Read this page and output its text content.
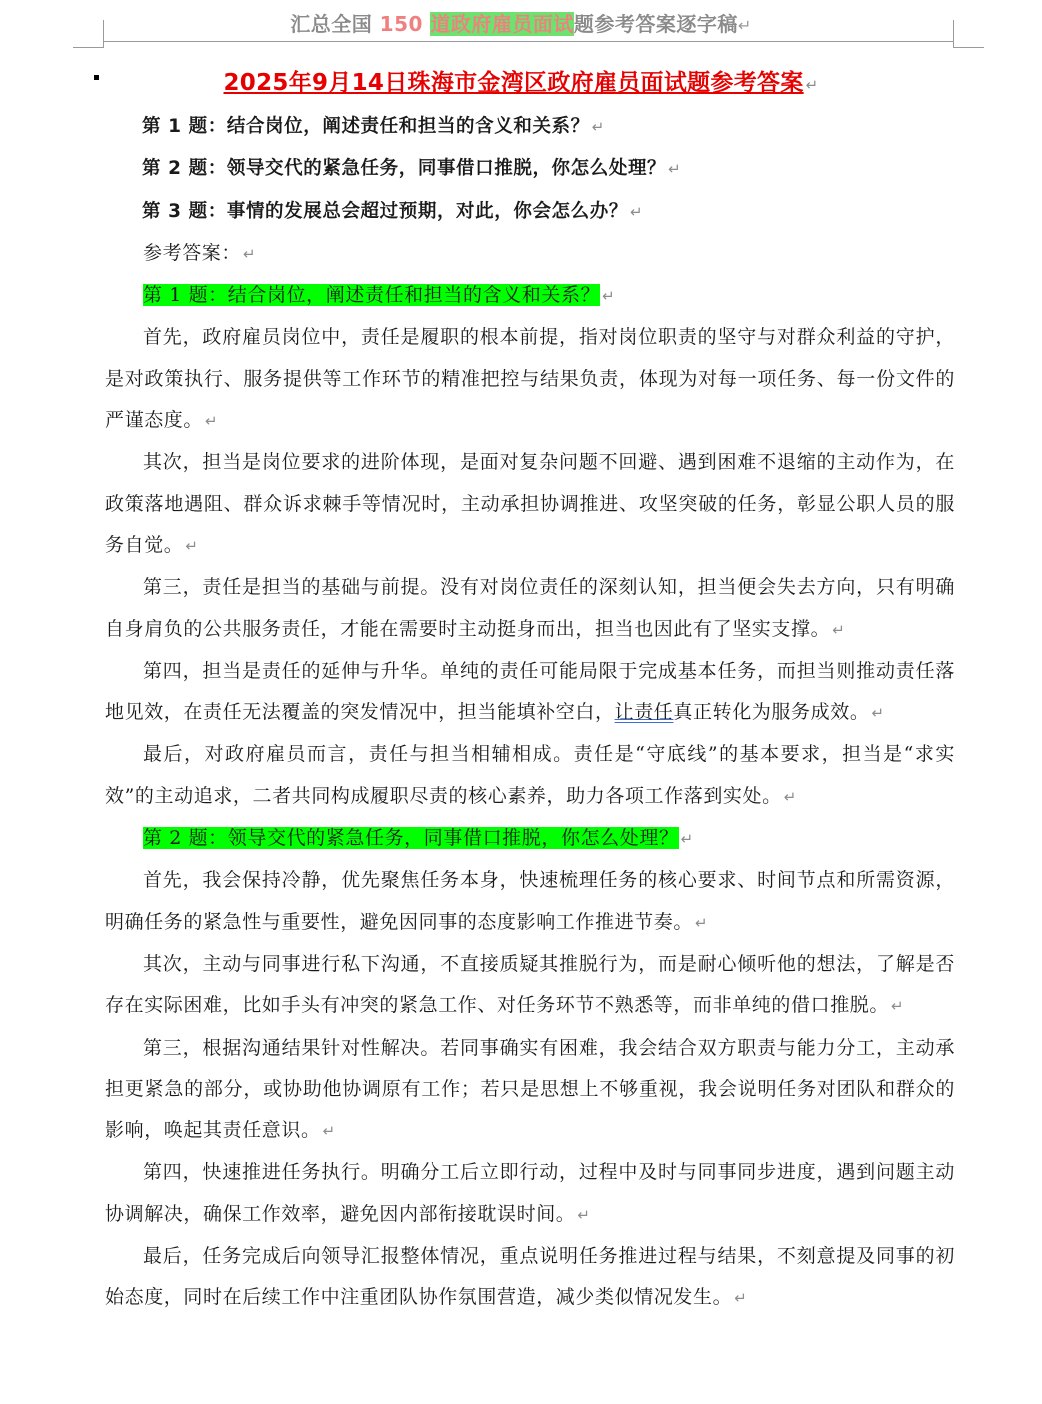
汇总全国 150 道政府雇员面试题参考答案逐字稿↵
2025年9月14日珠海市金湾区政府雇员面试题参考答案 ↵

第 1 题：结合岗位，阐述责任和担当的含义和关系？ ↵

第 2 题：领导交代的紧急任务，同事借口推脱，你怎么处理？ ↵

第 3 题：事情的发展总会超过预期，对此，你会怎么办？ ↵

参考答案： ↵

第 1 题：结合岗位，阐述责任和担当的含义和关系？ ↵

首先，政府雇员岗位中，责任是履职的根本前提，指对岗位职责的坚守与对群众利益的守护，是对政策执行、服务提供等工作环节的精准把控与结果负责，体现为对每一项任务、每一份文件的严谨态度。 ↵

其次，担当是岗位要求的进阶体现，是面对复杂问题不回避、遇到困难不退缩的主动作为，在政策落地遇阻、群众诉求棘手等情况时，主动承担协调推进、攻坚突破的任务，彰显公职人员的服务自觉。 ↵

第三，责任是担当的基础与前提。没有对岗位责任的深刻认知，担当便会失去方向，只有明确自身肩负的公共服务责任，才能在需要时主动挺身而出，担当也因此有了坚实支撑。 ↵

第四，担当是责任的延伸与升华。单纯的责任可能局限于完成基本任务，而担当则推动责任落地见效，在责任无法覆盖的突发情况中，担当能填补空白，让责任真正转化为服务成效。 ↵

最后，对政府雇员而言，责任与担当相辅相成。责任是“守底线”的基本要求，担当是“求实效”的主动追求，二者共同构成履职尽责的核心素养，助力各项工作落到实处。 ↵

第 2 题：领导交代的紧急任务，同事借口推脱，你怎么处理？ ↵

首先，我会保持冷静，优先聚焦任务本身，快速梳理任务的核心要求、时间节点和所需资源，明确任务的紧急性与重要性，避免因同事的态度影响工作推进节奏。 ↵

其次，主动与同事进行私下沟通，不直接质疑其推脱行为，而是耐心倾听他的想法，了解是否存在实际困难，比如手头有冲突的紧急工作、对任务环节不熟悉等，而非单纯的借口推脱。 ↵

第三，根据沟通结果针对性解决。若同事确实有困难，我会结合双方职责与能力分工，主动承担更紧急的部分，或协助他协调原有工作；若只是思想上不够重视，我会说明任务对团队和群众的影响，唤起其责任意识。 ↵

第四，快速推进任务执行。明确分工后立即行动，过程中及时与同事同步进度，遇到问题主动协调解决，确保工作效率，避免因内部衔接耽误时间。 ↵

最后，任务完成后向领导汇报整体情况，重点说明任务推进过程与结果，不刻意提及同事的初始态度，同时在后续工作中注重团队协作氛围营造，减少类似情况发生。 ↵
